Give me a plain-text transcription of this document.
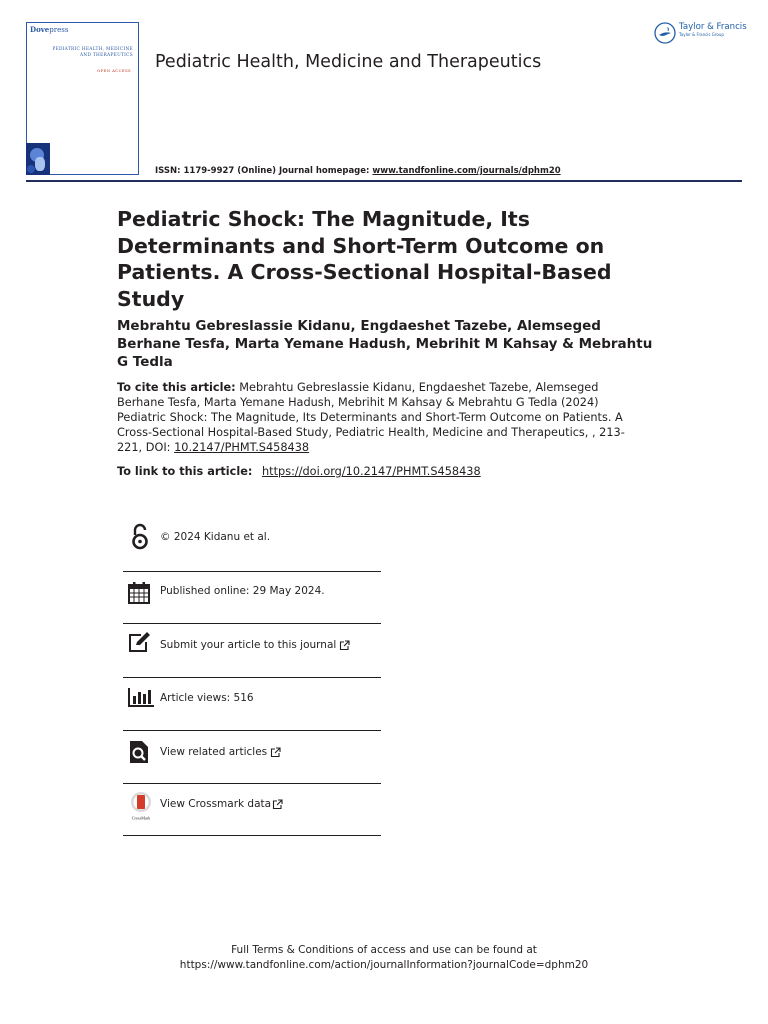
Dovepress
PEDIATRIC HEALTH, MEDICINE
AND THERAPEUTICS
OPEN ACCESS Pediatric Health, Medicine and Therapeutics
ISSN: 1179-9927 (Online) Journal homepage: www.tandfonline.com/journals/dphm20
Taylor & Francis
Taylor & Francis Group
Pediatric Shock: The Magnitude, Its Determinants and Short-Term Outcome on Patients. A Cross-Sectional Hospital-Based Study

Mebrahtu Gebreslassie Kidanu, Engdaeshet Tazebe, Alemseged Berhane Tesfa, Marta Yemane Hadush, Mebrihit M Kahsay & Mebrahtu G Tedla

To cite this article: Mebrahtu Gebreslassie Kidanu, Engdaeshet Tazebe, Alemseged Berhane Tesfa, Marta Yemane Hadush, Mebrihit M Kahsay & Mebrahtu G Tedla (2024) Pediatric Shock: The Magnitude, Its Determinants and Short-Term Outcome on Patients. A Cross-Sectional Hospital-Based Study, Pediatric Health, Medicine and Therapeutics, , 213-221, DOI: 10.2147/PHMT.S458438

To link to this article: https://doi.org/10.2147/PHMT.S458438

© 2024 Kidanu et al.
Published online: 29 May 2024.
Submit your article to this journal
Article views: 516
View related articles
CrossMark
View Crossmark data
Full Terms & Conditions of access and use can be found at
https://www.tandfonline.com/action/journalInformation?journalCode=dphm20
